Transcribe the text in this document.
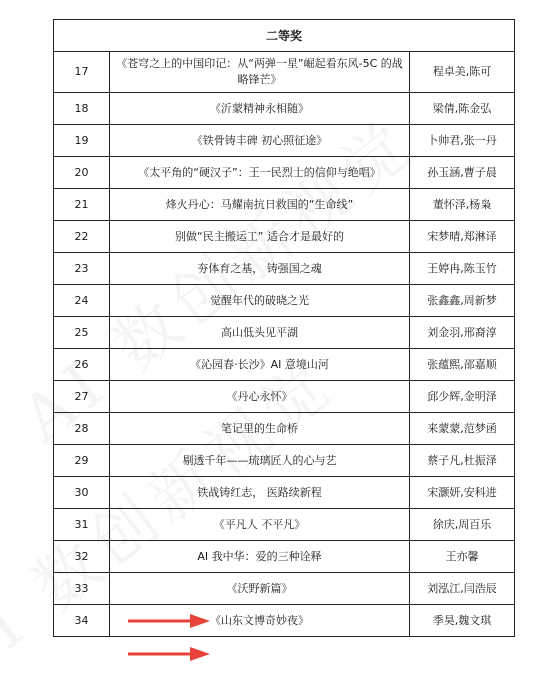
二等奖		
17	《苍穹之上的中国印记：从“两弹一星”崛起看东风-5C 的战略锋芒》	程卓美,陈可
18	《沂蒙精神永相随》	梁倩,陈金弘
19	《铁骨铸丰碑 初心照征途》	卜帅君,张一丹
20	《太平角的“硬汉子”：王一民烈士的信仰与绝唱》	孙玉涵,曹子晨
21	烽火丹心：马耀南抗日救国的“生命线”	董怀泽,杨枭
22	别做“民主搬运工” 适合才是最好的	宋梦晴,郑淋译
23	夯体育之基， 铸强国之魂	王婷冉,陈玉竹
24	觉醒年代的破晓之光	张鑫鑫,周新梦
25	高山低头见平湖	刘金羽,邢裔淳
26	《沁园春·长沙》AI 意境山河	张蕴熙,邵嘉顺
27	《丹心永怀》	邱少辉,金明泽
28	笔记里的生命桥	来蒙蒙,范梦函
29	剔透千年——琉璃匠人的心与艺	蔡子凡,杜振泽
30	铁战铸红志， 医路续新程	宋灏妍,安科进
31	《平凡人 不平凡》	徐庆,周百乐
32	AI 我中华：爱的三种诠释	王亦馨
33	《沃野新篇》	刘泓江,闫浩辰
34	《山东文博奇妙夜》	季昊,魏文琪
